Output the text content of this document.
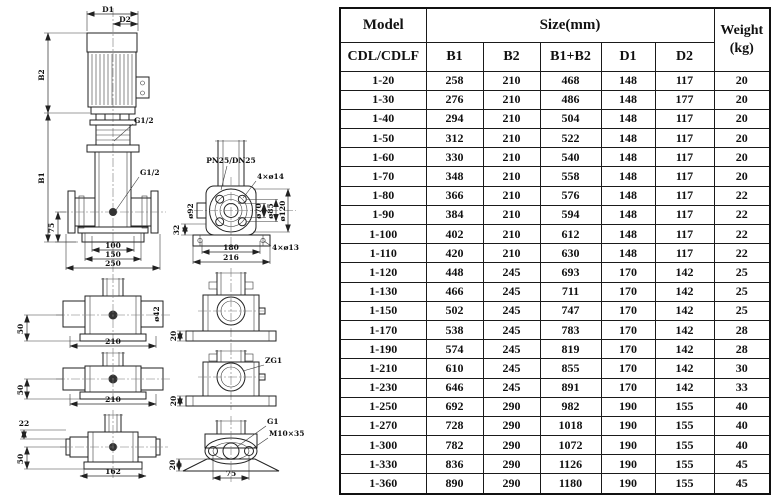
D1
D2
G1/2
G1/2
B2
B1
75
100
150
250
PN25/DN25
ø92
4×ø14
ø70 ø85 ø120
32
180
216
4×ø13
ø42
50
210
50
210
22
50
162
20
ZG1
20
G1
M10×35
20
75
Model	Size(mm)					Weight
(kg)

CDL/CDLF	B1	B2	B1+B2	D1	D2	
1-20	258	210	468	148	117	20
1-30	276	210	486	148	177	20
1-40	294	210	504	148	117	20
1-50	312	210	522	148	117	20
1-60	330	210	540	148	117	20
1-70	348	210	558	148	117	20
1-80	366	210	576	148	117	22
1-90	384	210	594	148	117	22
1-100	402	210	612	148	117	22
1-110	420	210	630	148	117	22
1-120	448	245	693	170	142	25
1-130	466	245	711	170	142	25
1-150	502	245	747	170	142	25
1-170	538	245	783	170	142	28
1-190	574	245	819	170	142	28
1-210	610	245	855	170	142	30
1-230	646	245	891	170	142	33
1-250	692	290	982	190	155	40
1-270	728	290	1018	190	155	40
1-300	782	290	1072	190	155	40
1-330	836	290	1126	190	155	45
1-360	890	290	1180	190	155	45
